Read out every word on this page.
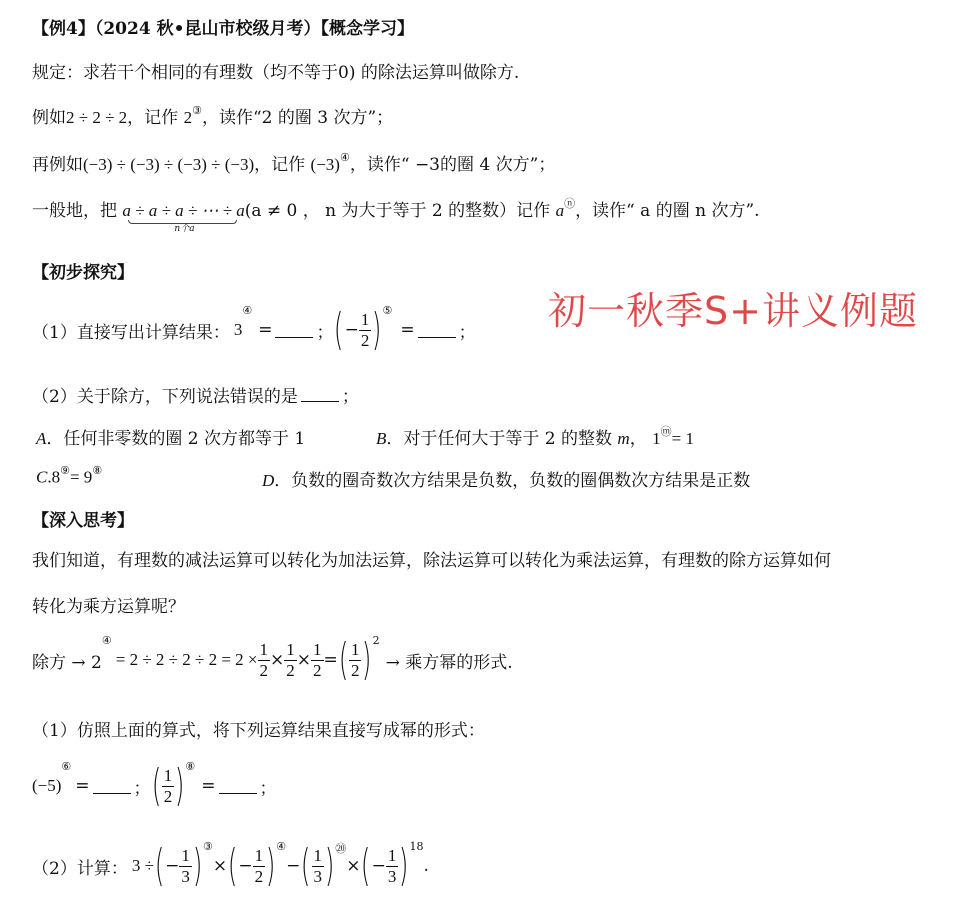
【例4】（2024 秋•昆山市校级月考）【概念学习】
规定：求若干个相同的有理数（均不等于0) 的除法运算叫做除方.
例如2 ÷ 2 ÷ 2，记作 2③，读作“2 的圈 3 次方”；
再例如(−3) ÷ (−3) ÷ (−3) ÷ (−3)，记作 (−3)④，读作“ −3的圈 4 次方”；
一般地，把 a ÷ a ÷ a ÷ ⋯ ÷ a
n个a
(a ≠ 0 ， n 为大于等于 2 的整数）记作 aⓝ，读作“ a 的圈 n 次方”.
【初步探究】
（1）直接写出计算结果： 3
④
=	； ( − $\frac{1}{2} )^⑤$
=	；
（2）关于除方，下列说法错误的是	；
A．任何非零数的圈 2 次方都等于 1	B．对于任何大于等于 2 的整数 m， 1ⓜ= 1
C.8⑨= 9⑧
D．负数的圈奇数次方结果是负数，负数的圈偶数次方结果是正数
【深入思考】
我们知道，有理数的减法运算可以转化为加法运算，除法运算可以转化为乘法运算，有理数的除方运算如何
转化为乘方运算呢？
除方 → 2
④
= $2 \div 2 \div 2 \div 2 = 2 \times \frac{1}{2} \times \frac{1}{2} \times \frac{1}{2}$ = ( $\frac{1}{2} )^2$
→ 乘方幂的形式.
（1）仿照上面的算式，将下列运算结果直接写成幂的形式：
(−5)
⑥
=	； ( $\frac{1}{2} )^⑧$
=	；
（2）计算： 3 ÷ ( − $\frac{1}{3} )^③$
× ( − $\frac{1}{2} )^④$
− ( $\frac{1}{3} )^⑳$
× ( − $\frac{1}{3} )^{18}$
.
初一秋季S+讲义例题
